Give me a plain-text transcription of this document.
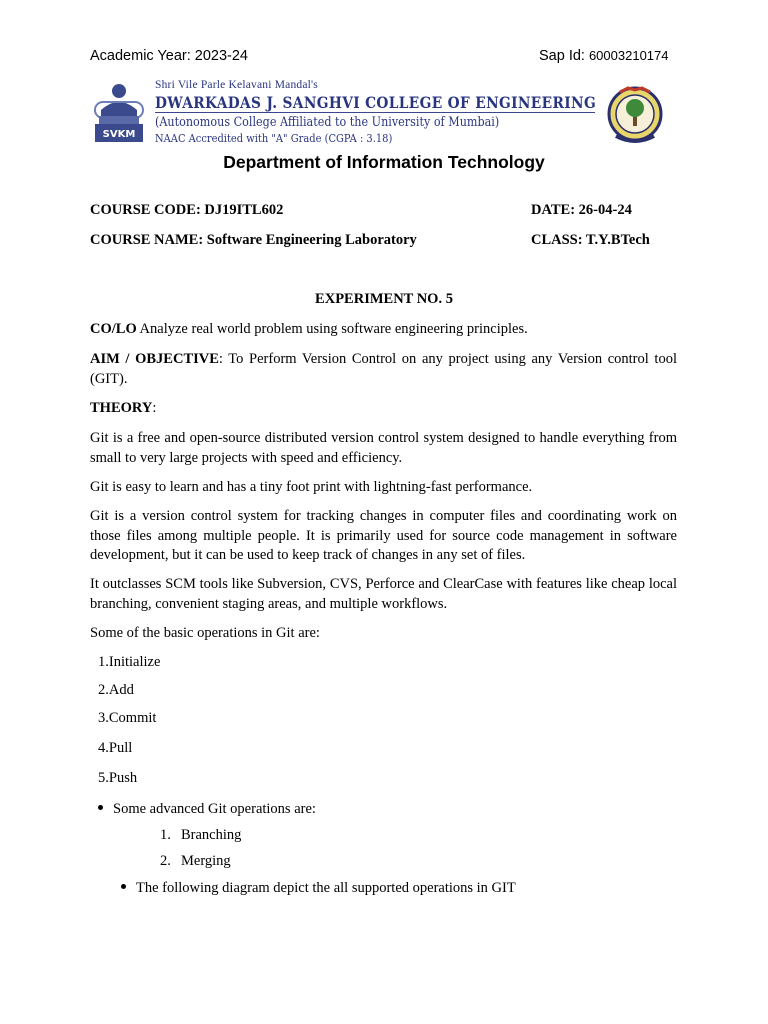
Academic Year: 2023-24	Sap Id: 60003210174
SVKM
Shri Vile Parle Kelavani Mandal's
DWARKADAS J. SANGHVI COLLEGE OF ENGINEERING
(Autonomous College Affiliated to the University of Mumbai)
NAAC Accredited with "A" Grade (CGPA : 3.18)
Department of Information Technology
COURSE CODE: DJ19ITL602	DATE: 26-04-24
COURSE NAME: Software Engineering Laboratory	CLASS: T.Y.BTech
EXPERIMENT NO. 5
CO/LO Analyze real world problem using software engineering principles.
AIM / OBJECTIVE: To Perform Version Control on any project using any Version control tool (GIT).
THEORY:
Git is a free and open-source distributed version control system designed to handle everything from small to very large projects with speed and efficiency.
Git is easy to learn and has a tiny foot print with lightning-fast performance.
Git is a version control system for tracking changes in computer files and coordinating work on those files among multiple people. It is primarily used for source code management in software development, but it can be used to keep track of changes in any set of files.
It outclasses SCM tools like Subversion, CVS, Perforce and ClearCase with features like cheap local branching, convenient staging areas, and multiple workflows.
Some of the basic operations in Git are:
1.Initialize
2.Add
3.Commit
4.Pull
5.Push
Some advanced Git operations are:
1. Branching
2. Merging
The following diagram depict the all supported operations in GIT
